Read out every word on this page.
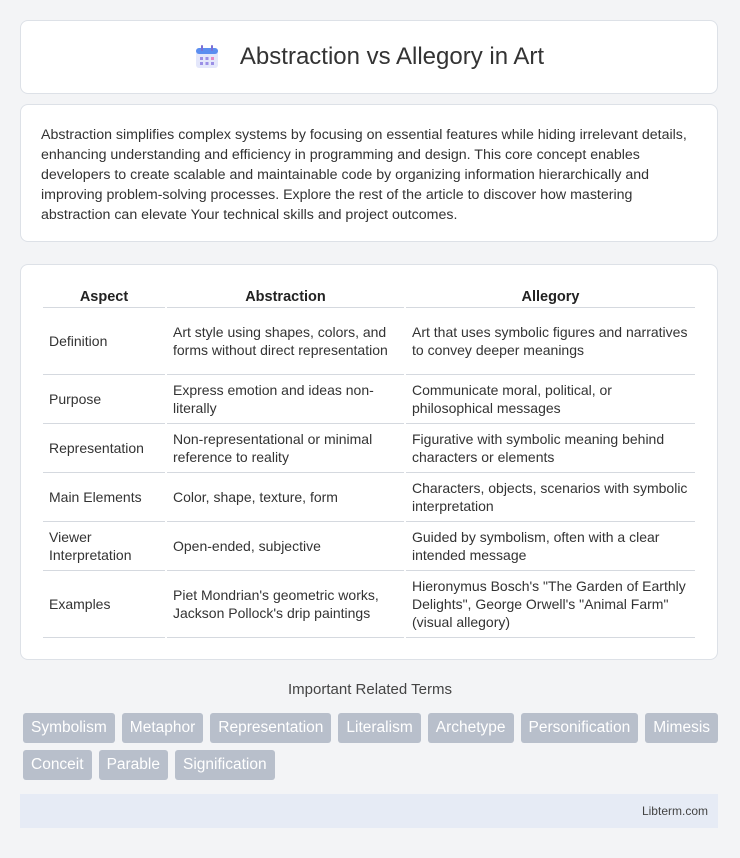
Abstraction vs Allegory in Art

Abstraction simplifies complex systems by focusing on essential features while hiding irrelevant details, enhancing understanding and efficiency in programming and design. This core concept enables developers to create scalable and maintainable code by organizing information hierarchically and improving problem-solving processes. Explore the rest of the article to discover how mastering abstraction can elevate Your technical skills and project outcomes.

Aspect	Abstraction	Allegory
Definition	Art style using shapes, colors, and forms without direct representation	Art that uses symbolic figures and narratives to convey deeper meanings
Purpose	Express emotion and ideas non-literally	Communicate moral, political, or philosophical messages
Representation	Non-representational or minimal reference to reality	Figurative with symbolic meaning behind characters or elements
Main Elements	Color, shape, texture, form	Characters, objects, scenarios with symbolic interpretation
Viewer Interpretation	Open-ended, subjective	Guided by symbolism, often with a clear intended message
Examples	Piet Mondrian's geometric works, Jackson Pollock's drip paintings	Hieronymus Bosch's "The Garden of Earthly Delights", George Orwell's "Animal Farm" (visual allegory)
Important Related Terms
Symbolism	Metaphor	Representation	Literalism	Archetype	Personification	Mimesis
Conceit	Parable	Signification
Libterm.com
